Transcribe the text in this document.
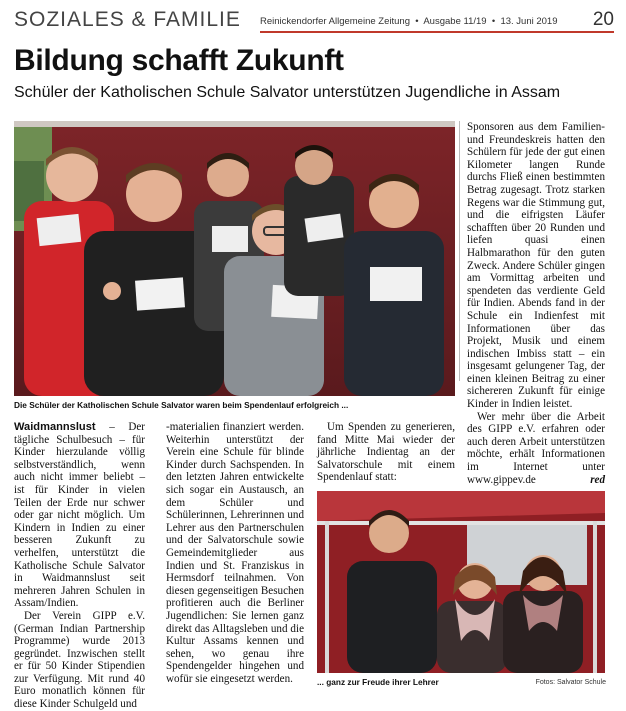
SOZIALES & FAMILIE Reinickendorfer Allgemeine Zeitung  •  Ausgabe 11/19  •  13. Juni 2019 20
Bildung schafft Zukunft
Schüler der Katholischen Schule Salvator unterstützen Jugendliche in Assam
Die Schüler der Katholischen Schule Salvator waren beim Spendenlauf erfolgreich ...

Waidmannslust – Der tägliche Schulbesuch – für Kinder hierzulande völlig selbstverständlich, wenn auch nicht immer beliebt – ist für Kinder in vielen Teilen der Erde nur schwer oder gar nicht möglich. Um Kindern in Indien zu einer besseren Zukunft zu verhelfen, unterstützt die Katholische Schule Salvator in Waidmannslust seit mehreren Jahren Schulen in Assam/Indien.

Der Verein GIPP e.V. (German Indian Partnership Programme) wurde 2013 gegründet. Inzwischen stellt er für 50 Kinder Stipendien zur Verfügung. Mit rund 40 Euro monatlich können für diese Kinder Schulgeld und

-materialien finanziert werden. Weiterhin unterstützt der Verein eine Schule für blinde Kinder durch Sachspenden. In den letzten Jahren entwickelte sich sogar ein Austausch, an dem Schüler und Schülerinnen, Lehrerinnen und Lehrer aus den Partnerschulen und der Salvatorschule sowie Gemeindemitglieder aus Indien und St. Franziskus in Hermsdorf teilnahmen. Von diesen gegenseitigen Besuchen profitieren auch die Berliner Jugendlichen: Sie lernen ganz direkt das Alltagsleben und die Kultur Assams kennen und sehen, wo genau ihre Spendengelder hingehen und wofür sie eingesetzt werden.

Um Spenden zu generieren, fand Mitte Mai wieder der jährliche Indientag an der Salvatorschule mit einem Spendenlauf statt:

Sponsoren aus dem Familien- und Freundeskreis hatten den Schülern für jede der gut einen Kilometer langen Runde durchs Fließ einen bestimmten Betrag zugesagt. Trotz starken Regens war die Stimmung gut, und die eifrigsten Läufer schafften über 20 Runden und liefen quasi einen Halbmarathon für den guten Zweck. Andere Schüler gingen am Vormittag arbeiten und spendeten das verdiente Geld für Indien. Abends fand in der Schule ein Indienfest mit Informationen über das Projekt, Musik und einem indischen Imbiss statt – ein insgesamt gelungener Tag, der einen kleinen Beitrag zu einer sichereren Zukunft für einige Kinder in Indien leistet.

Wer mehr über die Arbeit des GIPP e.V. erfahren oder auch deren Arbeit unterstützen möchte, erhält Informationen im Internet unter www.gippev.de	red

... ganz zur Freude ihrer Lehrer	Fotos: Salvator Schule
